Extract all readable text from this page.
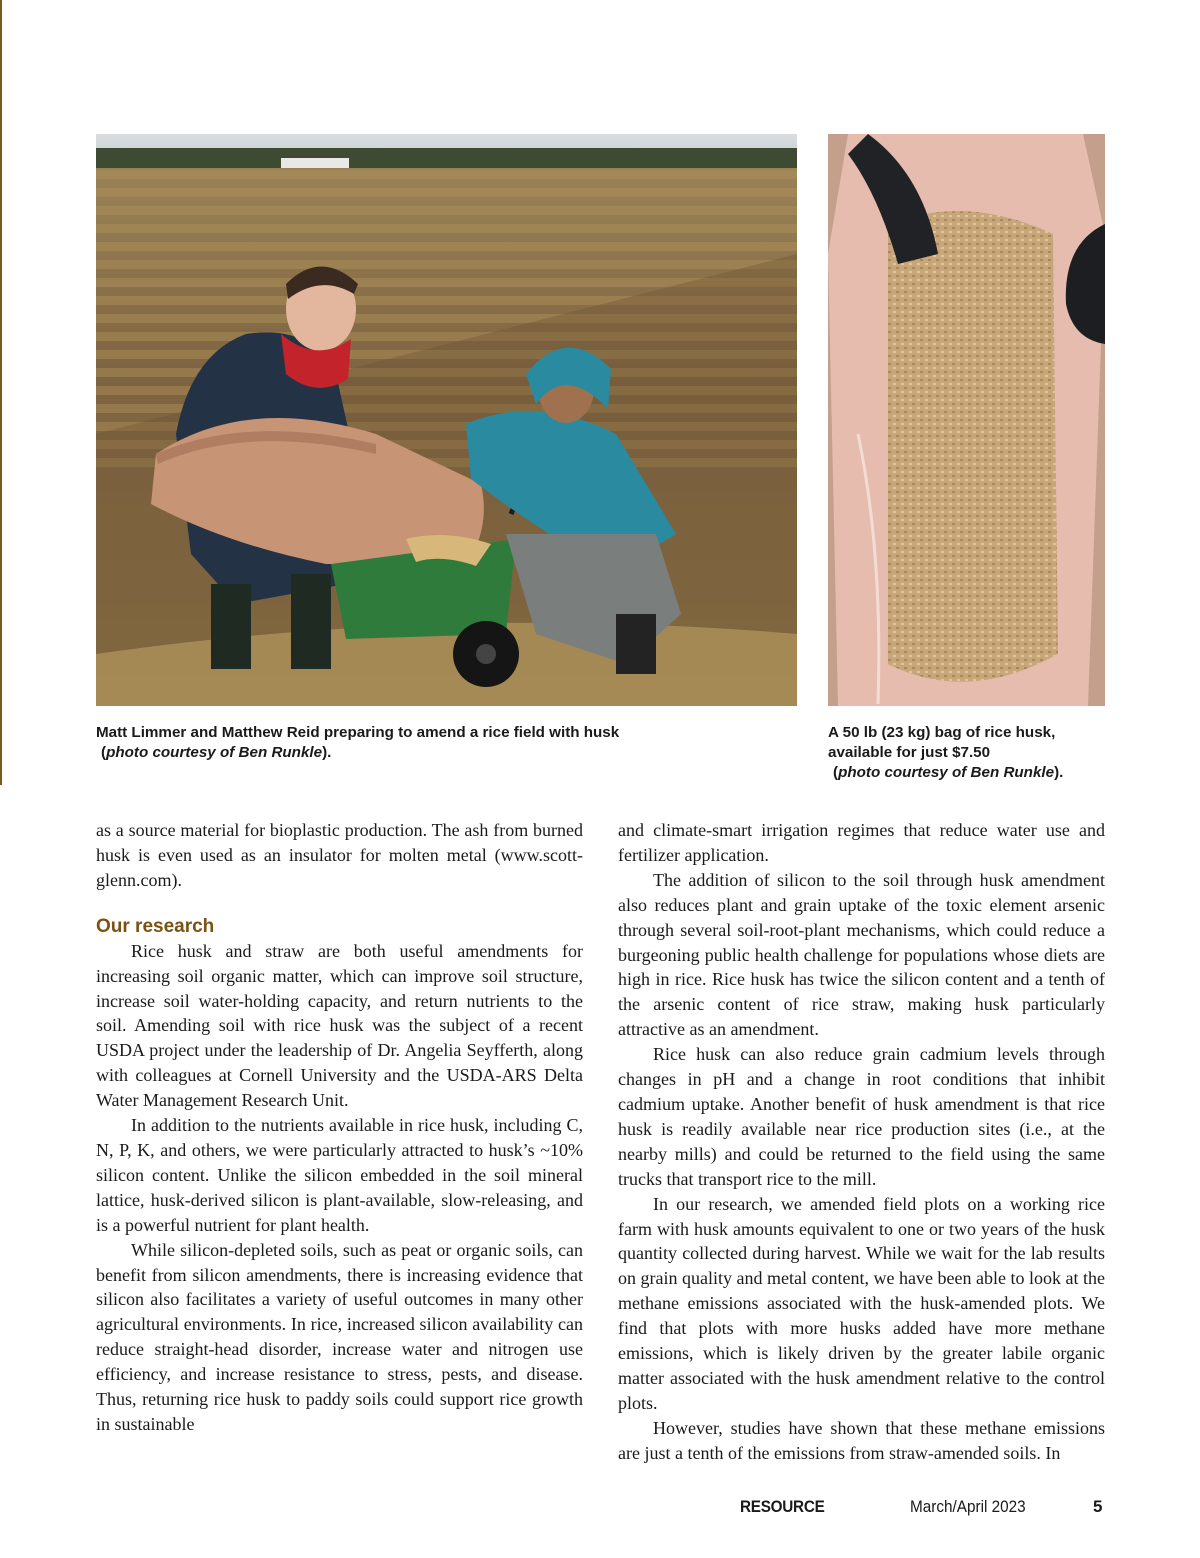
Matt Limmer and Matthew Reid preparing to amend a rice field with husk
(photo courtesy of Ben Runkle).
A 50 lb (23 kg) bag of rice husk,
available for just $7.50
(photo courtesy of Ben Runkle).

as a source material for bioplastic production. The ash from burned husk is even used as an insulator for molten metal (www.scott-glenn.com).

Our research

Rice husk and straw are both useful amendments for increasing soil organic matter, which can improve soil structure, increase soil water-holding capacity, and return nutrients to the soil. Amending soil with rice husk was the subject of a recent USDA project under the leadership of Dr. Angelia Seyfferth, along with colleagues at Cornell University and the USDA-ARS Delta Water Management Research Unit.

In addition to the nutrients available in rice husk, including C, N, P, K, and others, we were particularly attracted to husk’s ~10% silicon content. Unlike the silicon embedded in the soil mineral lattice, husk-derived silicon is plant-available, slow-releasing, and is a powerful nutrient for plant health.

While silicon-depleted soils, such as peat or organic soils, can benefit from silicon amendments, there is increasing evidence that silicon also facilitates a variety of useful outcomes in many other agricultural environments. In rice, increased silicon availability can reduce straight-head disorder, increase water and nitrogen use efficiency, and increase resistance to stress, pests, and disease. Thus, returning rice husk to paddy soils could support rice growth in sustainable

and climate-smart irrigation regimes that reduce water use and fertilizer application.

The addition of silicon to the soil through husk amendment also reduces plant and grain uptake of the toxic element arsenic through several soil-root-plant mechanisms, which could reduce a burgeoning public health challenge for populations whose diets are high in rice. Rice husk has twice the silicon content and a tenth of the arsenic content of rice straw, making husk particularly attractive as an amendment.

Rice husk can also reduce grain cadmium levels through changes in pH and a change in root conditions that inhibit cadmium uptake. Another benefit of husk amendment is that rice husk is readily available near rice production sites (i.e., at the nearby mills) and could be returned to the field using the same trucks that transport rice to the mill.

In our research, we amended field plots on a working rice farm with husk amounts equivalent to one or two years of the husk quantity collected during harvest. While we wait for the lab results on grain quality and metal content, we have been able to look at the methane emissions associated with the husk-amended plots. We find that plots with more husks added have more methane emissions, which is likely driven by the greater labile organic matter associated with the husk amendment relative to the control plots.

However, studies have shown that these methane emissions are just a tenth of the emissions from straw-amended soils. In

RESOURCE	March/April 2023	5
